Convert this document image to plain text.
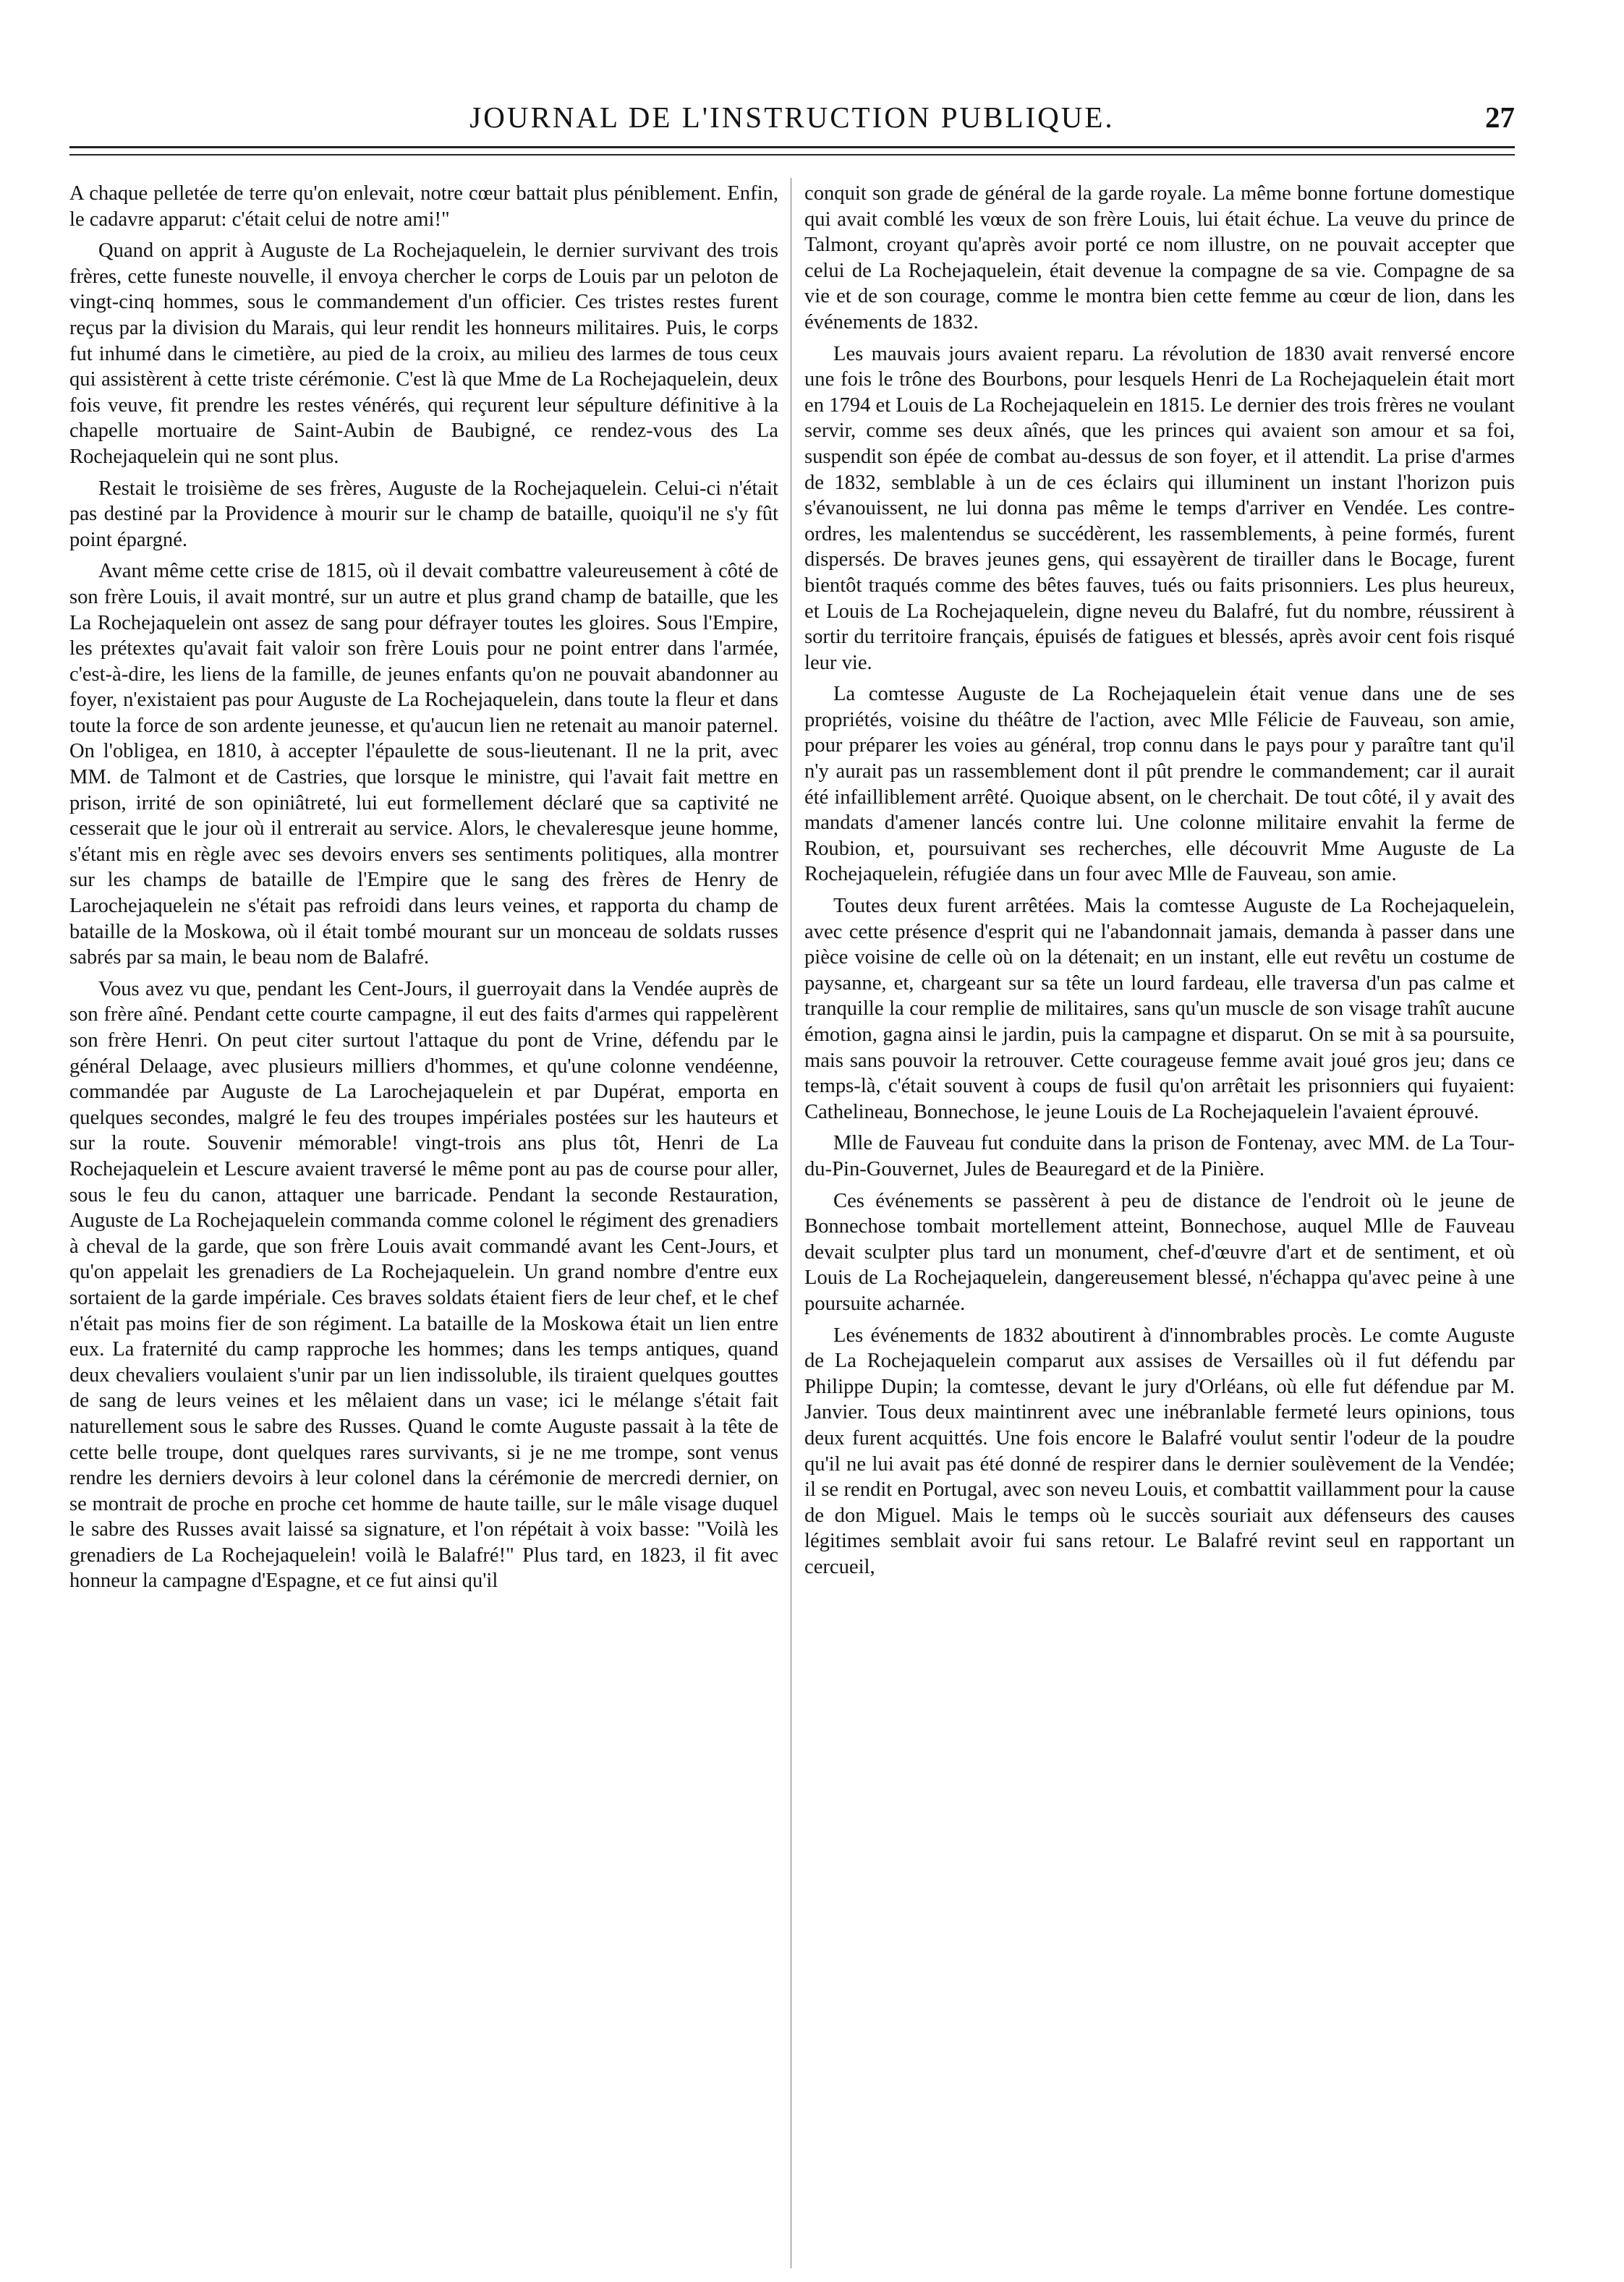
JOURNAL DE L'INSTRUCTION PUBLIQUE.	27

A chaque pelletée de terre qu'on enlevait, notre cœur battait plus péniblement. Enfin, le cadavre apparut: c'était celui de notre ami!"

Quand on apprit à Auguste de La Rochejaquelein, le dernier survivant des trois frères, cette funeste nouvelle, il envoya chercher le corps de Louis par un peloton de vingt-cinq hommes, sous le commandement d'un officier. Ces tristes restes furent reçus par la division du Marais, qui leur rendit les honneurs militaires. Puis, le corps fut inhumé dans le cimetière, au pied de la croix, au milieu des larmes de tous ceux qui assistèrent à cette triste cérémonie. C'est là que Mme de La Rochejaquelein, deux fois veuve, fit prendre les restes vénérés, qui reçurent leur sépulture définitive à la chapelle mortuaire de Saint-Aubin de Baubigné, ce rendez-vous des La Rochejaquelein qui ne sont plus.

Restait le troisième de ses frères, Auguste de la Rochejaquelein. Celui-ci n'était pas destiné par la Providence à mourir sur le champ de bataille, quoiqu'il ne s'y fût point épargné.

Avant même cette crise de 1815, où il devait combattre valeureusement à côté de son frère Louis, il avait montré, sur un autre et plus grand champ de bataille, que les La Rochejaquelein ont assez de sang pour défrayer toutes les gloires. Sous l'Empire, les prétextes qu'avait fait valoir son frère Louis pour ne point entrer dans l'armée, c'est-à-dire, les liens de la famille, de jeunes enfants qu'on ne pouvait abandonner au foyer, n'existaient pas pour Auguste de La Rochejaquelein, dans toute la fleur et dans toute la force de son ardente jeunesse, et qu'aucun lien ne retenait au manoir paternel. On l'obligea, en 1810, à accepter l'épaulette de sous-lieutenant. Il ne la prit, avec MM. de Talmont et de Castries, que lorsque le ministre, qui l'avait fait mettre en prison, irrité de son opiniâtreté, lui eut formellement déclaré que sa captivité ne cesserait que le jour où il entrerait au service. Alors, le chevaleresque jeune homme, s'étant mis en règle avec ses devoirs envers ses sentiments politiques, alla montrer sur les champs de bataille de l'Empire que le sang des frères de Henry de Larochejaquelein ne s'était pas refroidi dans leurs veines, et rapporta du champ de bataille de la Moskowa, où il était tombé mourant sur un monceau de soldats russes sabrés par sa main, le beau nom de Balafré.

Vous avez vu que, pendant les Cent-Jours, il guerroyait dans la Vendée auprès de son frère aîné. Pendant cette courte campagne, il eut des faits d'armes qui rappelèrent son frère Henri. On peut citer surtout l'attaque du pont de Vrine, défendu par le général Delaage, avec plusieurs milliers d'hommes, et qu'une colonne vendéenne, commandée par Auguste de La Larochejaquelein et par Dupérat, emporta en quelques secondes, malgré le feu des troupes impériales postées sur les hauteurs et sur la route. Souvenir mémorable! vingt-trois ans plus tôt, Henri de La Rochejaquelein et Lescure avaient traversé le même pont au pas de course pour aller, sous le feu du canon, attaquer une barricade. Pendant la seconde Restauration, Auguste de La Rochejaquelein commanda comme colonel le régiment des grenadiers à cheval de la garde, que son frère Louis avait commandé avant les Cent-Jours, et qu'on appelait les grenadiers de La Rochejaquelein. Un grand nombre d'entre eux sortaient de la garde impériale. Ces braves soldats étaient fiers de leur chef, et le chef n'était pas moins fier de son régiment. La bataille de la Moskowa était un lien entre eux. La fraternité du camp rapproche les hommes; dans les temps antiques, quand deux chevaliers voulaient s'unir par un lien indissoluble, ils tiraient quelques gouttes de sang de leurs veines et les mêlaient dans un vase; ici le mélange s'était fait naturellement sous le sabre des Russes. Quand le comte Auguste passait à la tête de cette belle troupe, dont quelques rares survivants, si je ne me trompe, sont venus rendre les derniers devoirs à leur colonel dans la cérémonie de mercredi dernier, on se montrait de proche en proche cet homme de haute taille, sur le mâle visage duquel le sabre des Russes avait laissé sa signature, et l'on répétait à voix basse: "Voilà les grenadiers de La Rochejaquelein! voilà le Balafré!" Plus tard, en 1823, il fit avec honneur la campagne d'Espagne, et ce fut ainsi qu'il

conquit son grade de général de la garde royale. La même bonne fortune domestique qui avait comblé les vœux de son frère Louis, lui était échue. La veuve du prince de Talmont, croyant qu'après avoir porté ce nom illustre, on ne pouvait accepter que celui de La Rochejaquelein, était devenue la compagne de sa vie. Compagne de sa vie et de son courage, comme le montra bien cette femme au cœur de lion, dans les événements de 1832.

Les mauvais jours avaient reparu. La révolution de 1830 avait renversé encore une fois le trône des Bourbons, pour lesquels Henri de La Rochejaquelein était mort en 1794 et Louis de La Rochejaquelein en 1815. Le dernier des trois frères ne voulant servir, comme ses deux aînés, que les princes qui avaient son amour et sa foi, suspendit son épée de combat au-dessus de son foyer, et il attendit. La prise d'armes de 1832, semblable à un de ces éclairs qui illuminent un instant l'horizon puis s'évanouissent, ne lui donna pas même le temps d'arriver en Vendée. Les contre-ordres, les malentendus se succédèrent, les rassemblements, à peine formés, furent dispersés. De braves jeunes gens, qui essayèrent de tirailler dans le Bocage, furent bientôt traqués comme des bêtes fauves, tués ou faits prisonniers. Les plus heureux, et Louis de La Rochejaquelein, digne neveu du Balafré, fut du nombre, réussirent à sortir du territoire français, épuisés de fatigues et blessés, après avoir cent fois risqué leur vie.

La comtesse Auguste de La Rochejaquelein était venue dans une de ses propriétés, voisine du théâtre de l'action, avec Mlle Félicie de Fauveau, son amie, pour préparer les voies au général, trop connu dans le pays pour y paraître tant qu'il n'y aurait pas un rassemblement dont il pût prendre le commandement; car il aurait été infailliblement arrêté. Quoique absent, on le cherchait. De tout côté, il y avait des mandats d'amener lancés contre lui. Une colonne militaire envahit la ferme de Roubion, et, poursuivant ses recherches, elle découvrit Mme Auguste de La Rochejaquelein, réfugiée dans un four avec Mlle de Fauveau, son amie.

Toutes deux furent arrêtées. Mais la comtesse Auguste de La Rochejaquelein, avec cette présence d'esprit qui ne l'abandonnait jamais, demanda à passer dans une pièce voisine de celle où on la détenait; en un instant, elle eut revêtu un costume de paysanne, et, chargeant sur sa tête un lourd fardeau, elle traversa d'un pas calme et tranquille la cour remplie de militaires, sans qu'un muscle de son visage trahît aucune émotion, gagna ainsi le jardin, puis la campagne et disparut. On se mit à sa poursuite, mais sans pouvoir la retrouver. Cette courageuse femme avait joué gros jeu; dans ce temps-là, c'était souvent à coups de fusil qu'on arrêtait les prisonniers qui fuyaient: Cathelineau, Bonnechose, le jeune Louis de La Rochejaquelein l'avaient éprouvé.

Mlle de Fauveau fut conduite dans la prison de Fontenay, avec MM. de La Tour-du-Pin-Gouvernet, Jules de Beauregard et de la Pinière.

Ces événements se passèrent à peu de distance de l'endroit où le jeune de Bonnechose tombait mortellement atteint, Bonnechose, auquel Mlle de Fauveau devait sculpter plus tard un monument, chef-d'œuvre d'art et de sentiment, et où Louis de La Rochejaquelein, dangereusement blessé, n'échappa qu'avec peine à une poursuite acharnée.

Les événements de 1832 aboutirent à d'innombrables procès. Le comte Auguste de La Rochejaquelein comparut aux assises de Versailles où il fut défendu par Philippe Dupin; la comtesse, devant le jury d'Orléans, où elle fut défendue par M. Janvier. Tous deux maintinrent avec une inébranlable fermeté leurs opinions, tous deux furent acquittés. Une fois encore le Balafré voulut sentir l'odeur de la poudre qu'il ne lui avait pas été donné de respirer dans le dernier soulèvement de la Vendée; il se rendit en Portugal, avec son neveu Louis, et combattit vaillamment pour la cause de don Miguel. Mais le temps où le succès souriait aux défenseurs des causes légitimes semblait avoir fui sans retour. Le Balafré revint seul en rapportant un cercueil,
